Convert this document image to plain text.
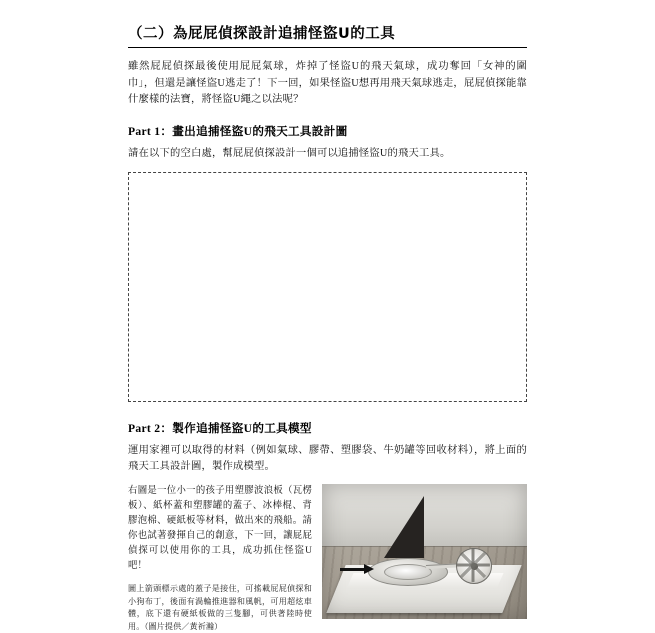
（二）為屁屁偵探設計追捕怪盜U的工具

雖然屁屁偵探最後使用屁屁氣球，炸掉了怪盜U的飛天氣球，成功奪回「女神的圍巾」，但還是讓怪盜U逃走了！下一回，如果怪盜U想再用飛天氣球逃走，屁屁偵探能靠什麼樣的法寶，將怪盜U繩之以法呢？

Part 1：畫出追捕怪盜U的飛天工具設計圖

請在以下的空白處，幫屁屁偵探設計一個可以追捕怪盜U的飛天工具。

Part 2：製作追捕怪盜U的工具模型

運用家裡可以取得的材料（例如氣球、膠帶、塑膠袋、牛奶罐等回收材料），將上面的飛天工具設計圖，製作成模型。

右圖是一位小一的孩子用塑膠波浪板（瓦楞板）、紙杯蓋和塑膠罐的蓋子、冰棒棍、背膠泡棉、硬紙板等材料，做出來的飛船。請你也試著發揮自己的創意，下一回，讓屁屁偵探可以使用你的工具，成功抓住怪盜U吧！
圖上箭頭標示處的蓋子是接住，可搖載屁屁偵探和小狗布丁，後面有渦輪推進器和風帆，可用超炫車體，底下還有硬紙板做的三隻腳，可供著陸時使用。（圖片提供／黃祈瀚）
